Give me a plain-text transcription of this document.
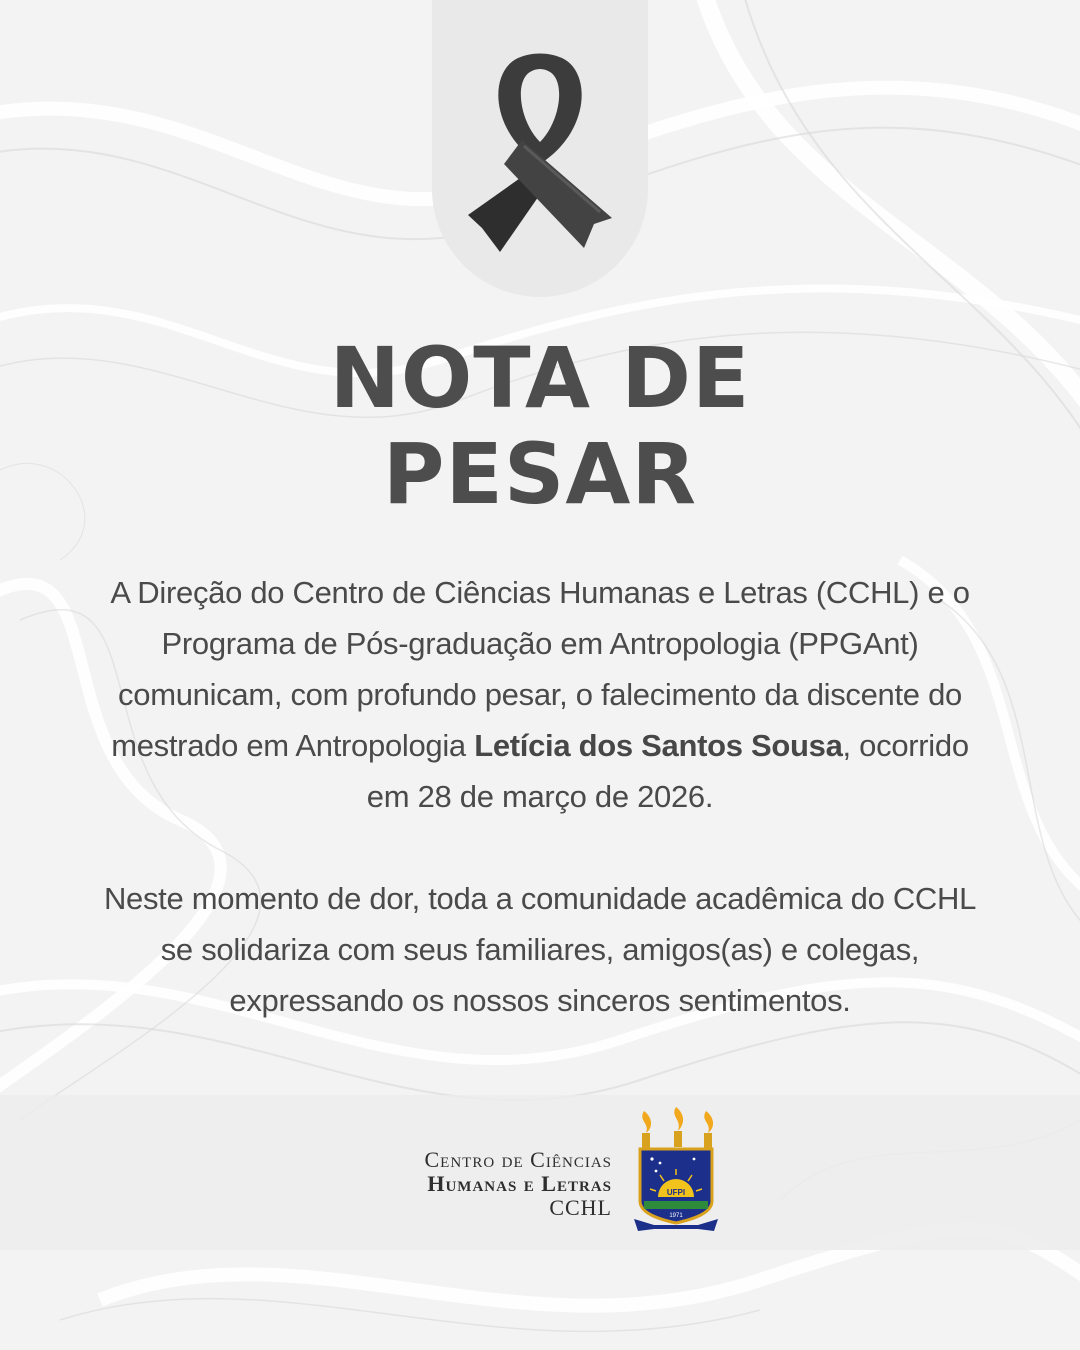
NOTA DE
PESAR

A Direção do Centro de Ciências Humanas e Letras (CCHL) e o Programa de Pós-graduação em Antropologia (PPGAnt) comunicam, com profundo pesar, o falecimento da discente do mestrado em Antropologia Letícia dos Santos Sousa, ocorrido em 28 de março de 2026.

Neste momento de dor, toda a comunidade acadêmica do CCHL se solidariza com seus familiares, amigos(as) e colegas, expressando os nossos sinceros sentimentos.

Centro de Ciências
Humanas e Letras
CCHL
UFPI
1971
